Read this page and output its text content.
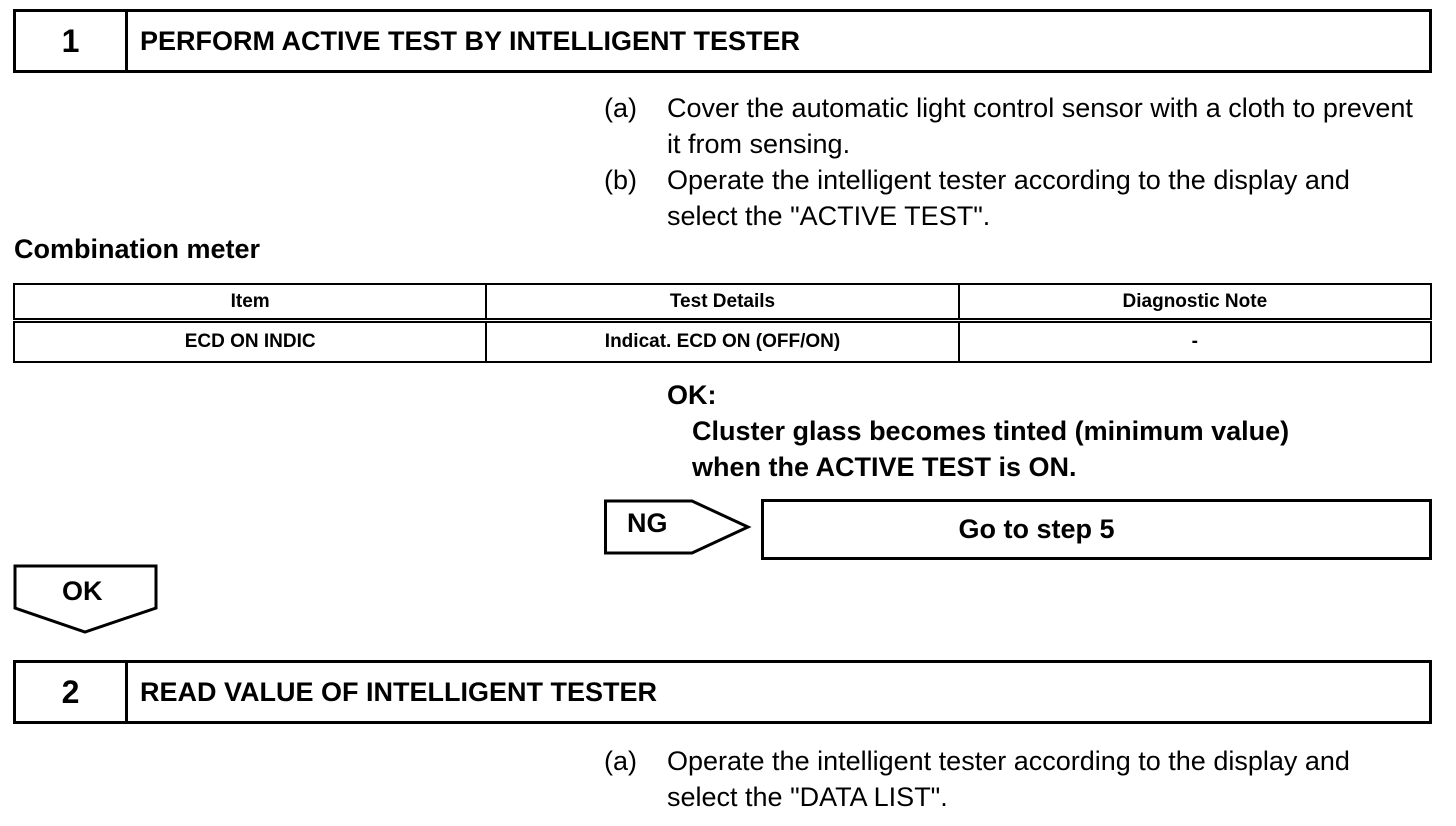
1	PERFORM ACTIVE TEST BY INTELLIGENT TESTER
(a)	Cover the automatic light control sensor with a cloth to prevent it from sensing.
(b)	Operate the intelligent tester according to the display and select the "ACTIVE TEST".
Combination meter
Item	Test Details	Diagnostic Note
ECD ON INDIC	Indicat. ECD ON (OFF/ON)	-
OK:
Cluster glass becomes tinted (minimum value)
when the ACTIVE TEST is ON.
NG	Go to step 5
OK
2	READ VALUE OF INTELLIGENT TESTER
(a)	Operate the intelligent tester according to the display and select the "DATA LIST".
